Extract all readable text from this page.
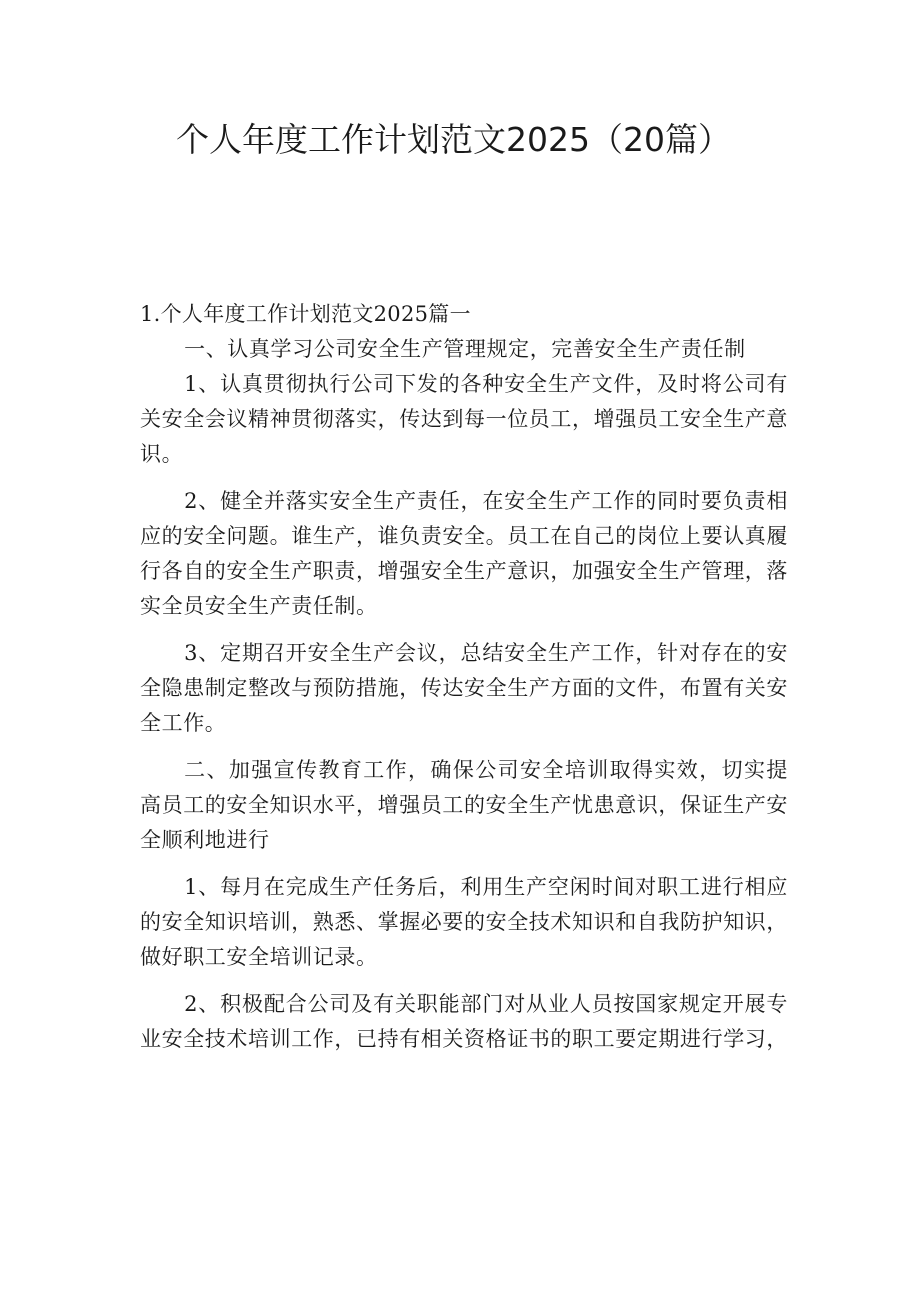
个人年度工作计划范文2025（20篇）

1.个人年度工作计划范文2025篇一

一、认真学习公司安全生产管理规定，完善安全生产责任制

1、认真贯彻执行公司下发的各种安全生产文件，及时将公司有关安全会议精神贯彻落实，传达到每一位员工，增强员工安全生产意识。

2、健全并落实安全生产责任，在安全生产工作的同时要负责相应的安全问题。谁生产，谁负责安全。员工在自己的岗位上要认真履行各自的安全生产职责，增强安全生产意识，加强安全生产管理，落实全员安全生产责任制。

3、定期召开安全生产会议，总结安全生产工作，针对存在的安全隐患制定整改与预防措施，传达安全生产方面的文件，布置有关安全工作。

二、加强宣传教育工作，确保公司安全培训取得实效，切实提高员工的安全知识水平，增强员工的安全生产忧患意识，保证生产安全顺利地进行

1、每月在完成生产任务后，利用生产空闲时间对职工进行相应的安全知识培训，熟悉、掌握必要的安全技术知识和自我防护知识，做好职工安全培训记录。

2、积极配合公司及有关职能部门对从业人员按国家规定开展专业安全技术培训工作，已持有相关资格证书的职工要定期进行学习，
